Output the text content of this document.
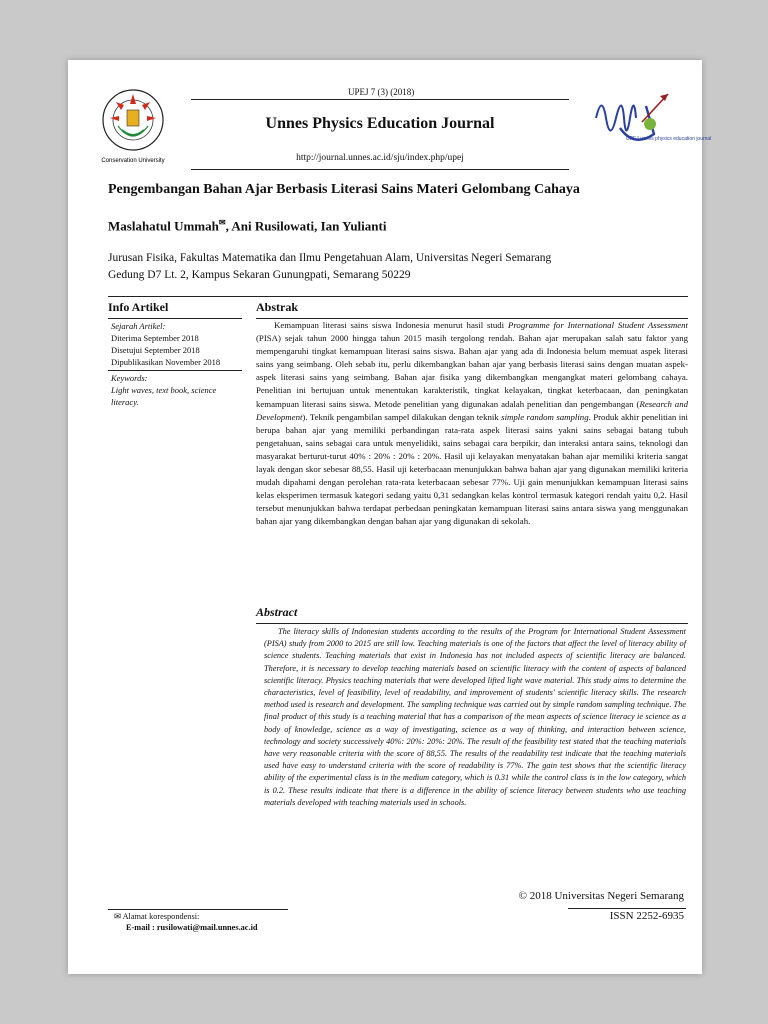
Conservation University
UPEJ unnes physics education journal
UPEJ 7 (3) (2018)
Unnes Physics Education Journal
http://journal.unnes.ac.id/sju/index.php/upej
Pengembangan Bahan Ajar Berbasis Literasi Sains Materi Gelombang Cahaya
Maslahatul Ummah✉, Ani Rusilowati, Ian Yulianti
Jurusan Fisika, Fakultas Matematika dan Ilmu Pengetahuan Alam, Universitas Negeri Semarang
Gedung D7 Lt. 2, Kampus Sekaran Gunungpati, Semarang 50229
Info Artikel	Abstrak
Sejarah Artikel:
Diterima September 2018
Disetujui September 2018
Dipublikasikan November 2018
Keywords:
Light waves, text book, science literacy.

Kemampuan literasi sains siswa Indonesia menurut hasil studi Programme for International Student Assessment (PISA) sejak tahun 2000 hingga tahun 2015 masih tergolong rendah. Bahan ajar merupakan salah satu faktor yang mempengaruhi tingkat kemampuan literasi sains siswa. Bahan ajar yang ada di Indonesia belum memuat aspek literasi sains yang seimbang. Oleh sebab itu, perlu dikembangkan bahan ajar yang berbasis literasi sains dengan muatan aspek-aspek literasi sains yang seimbang. Bahan ajar fisika yang dikembangkan mengangkat materi gelombang cahaya. Penelitian ini bertujuan untuk menentukan karakteristik, tingkat kelayakan, tingkat keterbacaan, dan peningkatan kemampuan literasi sains siswa. Metode penelitian yang digunakan adalah penelitian dan pengembangan (Research and Development). Teknik pengambilan sampel dilakukan dengan teknik simple random sampling. Produk akhir penelitian ini berupa bahan ajar yang memiliki perbandingan rata-rata aspek literasi sains yakni sains sebagai batang tubuh pengetahuan, sains sebagai cara untuk menyelidiki, sains sebagai cara berpikir, dan interaksi antara sains, teknologi dan masyarakat berturut-turut 40% : 20% : 20% : 20%. Hasil uji kelayakan menyatakan bahan ajar memiliki kriteria sangat layak dengan skor sebesar 88,55. Hasil uji keterbacaan menunjukkan bahwa bahan ajar yang digunakan memiliki kriteria mudah dipahami dengan perolehan rata-rata keterbacaan sebesar 77%. Uji gain menunjukkan kemampuan literasi sains kelas eksperimen termasuk kategori sedang yaitu 0,31 sedangkan kelas kontrol termasuk kategori rendah yaitu 0,2. Hasil tersebut menunjukkan bahwa terdapat perbedaan peningkatan kemampuan literasi sains antara siswa yang menggunakan bahan ajar yang dikembangkan dengan bahan ajar yang digunakan di sekolah.

Abstract

The literacy skills of Indonesian students according to the results of the Program for International Student Assessment (PISA) study from 2000 to 2015 are still low. Teaching materials is one of the factors that affect the level of literacy ability of science students. Teaching materials that exist in Indonesia has not included aspects of scientific literacy are balanced. Therefore, it is necessary to develop teaching materials based on scientific literacy with the content of aspects of balanced scientific literacy. Physics teaching materials that were developed lifted light wave material. This study aims to determine the characteristics, level of feasibility, level of readability, and improvement of students' scientific literacy skills. The research method used is research and development. The sampling technique was carried out by simple random sampling technique. The final product of this study is a teaching material that has a comparison of the mean aspects of science literacy ie science as a body of knowledge, science as a way of investigating, science as a way of thinking, and interaction between science, technology and society successively 40%: 20%: 20%: 20%. The result of the feasibility test stated that the teaching materials have very reasonable criteria with the score of 88,55. The results of the readability test indicate that the teaching materials used have easy to understand criteria with the score of readability is 77%. The gain test shows that the scientific literacy ability of the experimental class is in the medium category, which is 0.31 while the control class is in the low category, which is 0.2. These results indicate that there is a difference in the ability of science literacy between students who use teaching materials developed with teaching materials used in schools.

© 2018 Universitas Negeri Semarang
ISSN 2252-6935
✉ Alamat korespondensi:
E-mail : rusilowati@mail.unnes.ac.id
